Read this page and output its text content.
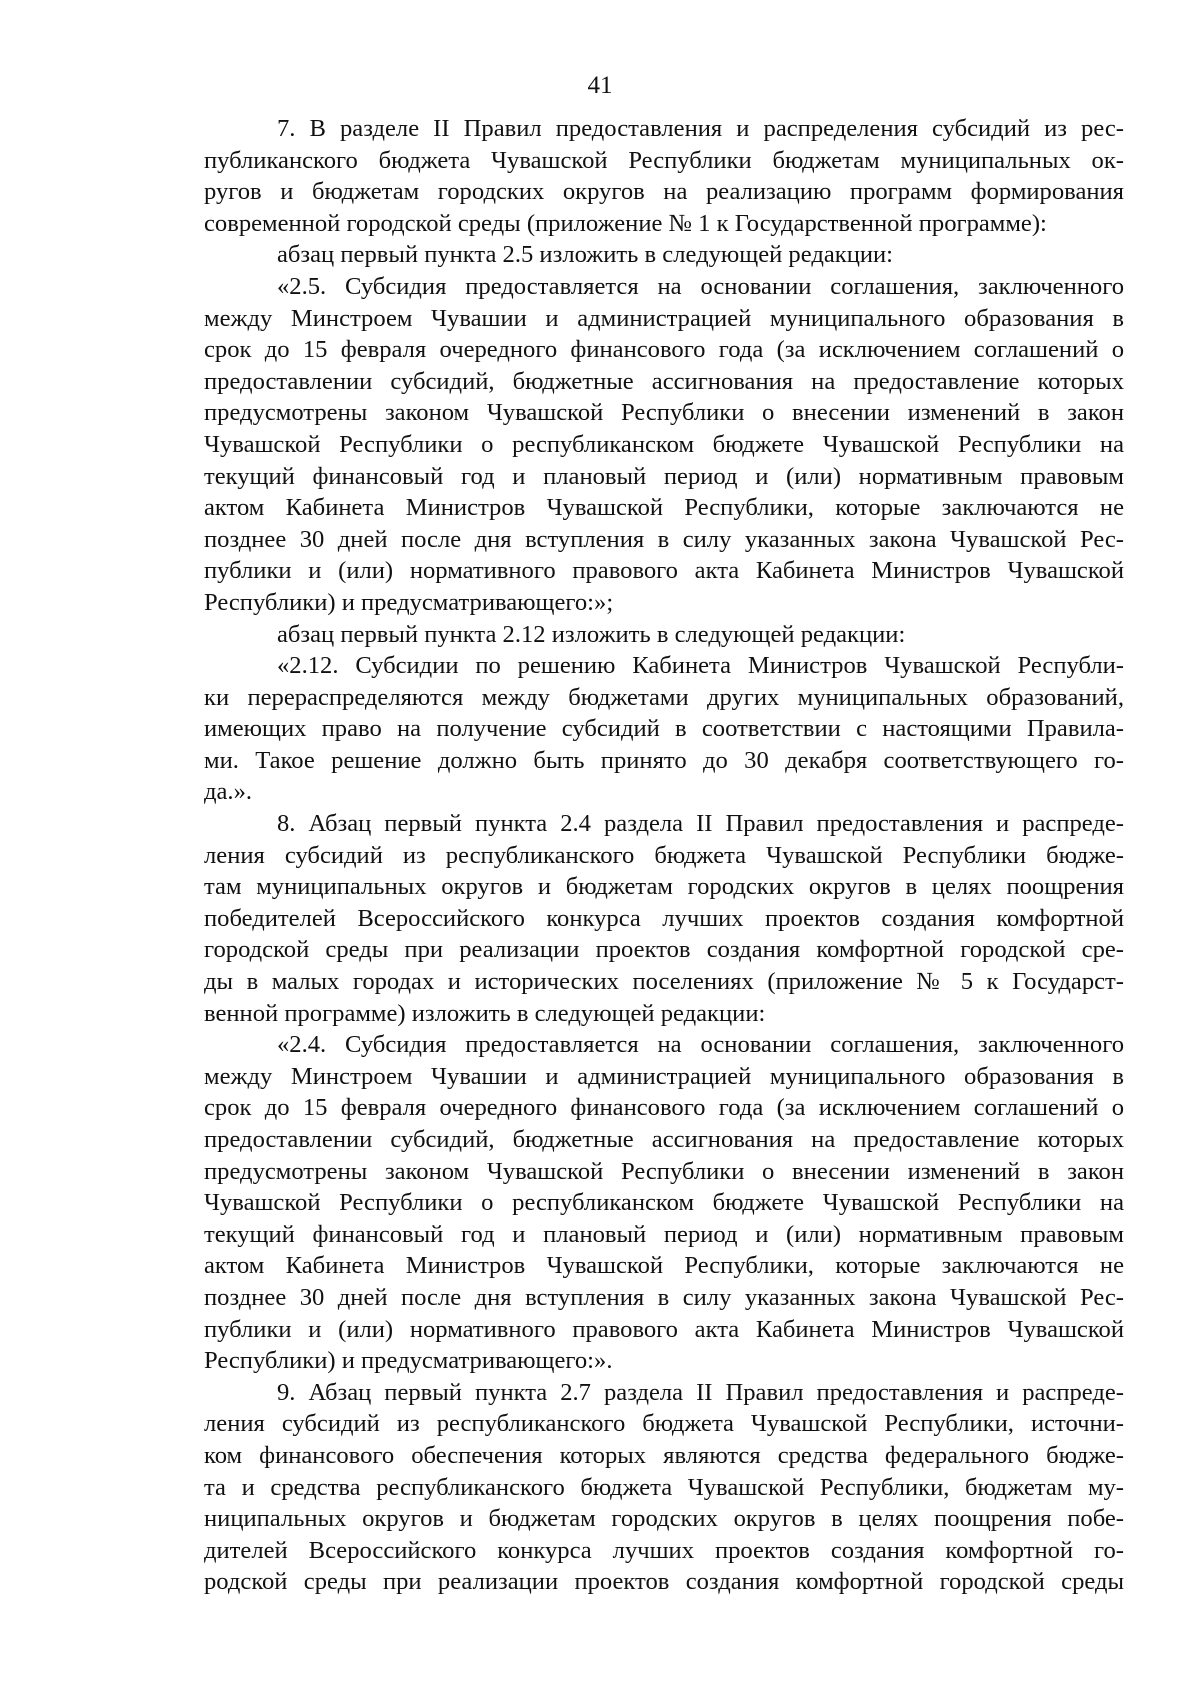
41
7. В разделе II Правил предоставления и распределения субсидий из рес-
публиканского бюджета Чувашской Республики бюджетам муниципальных ок-
ругов и бюджетам городских округов на реализацию программ формирования
современной городской среды (приложение № 1 к Государственной программе):
абзац первый пункта 2.5 изложить в следующей редакции:
«2.5. Субсидия предоставляется на основании соглашения, заключенного
между Минстроем Чувашии и администрацией муниципального образования в
срок до 15 февраля очередного финансового года (за исключением соглашений о
предоставлении субсидий, бюджетные ассигнования на предоставление которых
предусмотрены законом Чувашской Республики о внесении изменений в закон
Чувашской Республики о республиканском бюджете Чувашской Республики на
текущий финансовый год и плановый период и (или) нормативным правовым
актом Кабинета Министров Чувашской Республики, которые заключаются не
позднее 30 дней после дня вступления в силу указанных закона Чувашской Рес-
публики и (или) нормативного правового акта Кабинета Министров Чувашской
Республики) и предусматривающего:»;
абзац первый пункта 2.12 изложить в следующей редакции:
«2.12. Субсидии по решению Кабинета Министров Чувашской Республи-
ки перераспределяются между бюджетами других муниципальных образований,
имеющих право на получение субсидий в соответствии с настоящими Правила-
ми. Такое решение должно быть принято до 30 декабря соответствующего го-
да.».
8. Абзац первый пункта 2.4 раздела II Правил предоставления и распреде-
ления субсидий из республиканского бюджета Чувашской Республики бюдже-
там муниципальных округов и бюджетам городских округов в целях поощрения
победителей Всероссийского конкурса лучших проектов создания комфортной
городской среды при реализации проектов создания комфортной городской сре-
ды в малых городах и исторических поселениях (приложение № 5 к Государст-
венной программе) изложить в следующей редакции:
«2.4. Субсидия предоставляется на основании соглашения, заключенного
между Минстроем Чувашии и администрацией муниципального образования в
срок до 15 февраля очередного финансового года (за исключением соглашений о
предоставлении субсидий, бюджетные ассигнования на предоставление которых
предусмотрены законом Чувашской Республики о внесении изменений в закон
Чувашской Республики о республиканском бюджете Чувашской Республики на
текущий финансовый год и плановый период и (или) нормативным правовым
актом Кабинета Министров Чувашской Республики, которые заключаются не
позднее 30 дней после дня вступления в силу указанных закона Чувашской Рес-
публики и (или) нормативного правового акта Кабинета Министров Чувашской
Республики) и предусматривающего:».
9. Абзац первый пункта 2.7 раздела II Правил предоставления и распреде-
ления субсидий из республиканского бюджета Чувашской Республики, источни-
ком финансового обеспечения которых являются средства федерального бюдже-
та и средства республиканского бюджета Чувашской Республики, бюджетам му-
ниципальных округов и бюджетам городских округов в целях поощрения побе-
дителей Всероссийского конкурса лучших проектов создания комфортной го-
родской среды при реализации проектов создания комфортной городской среды
